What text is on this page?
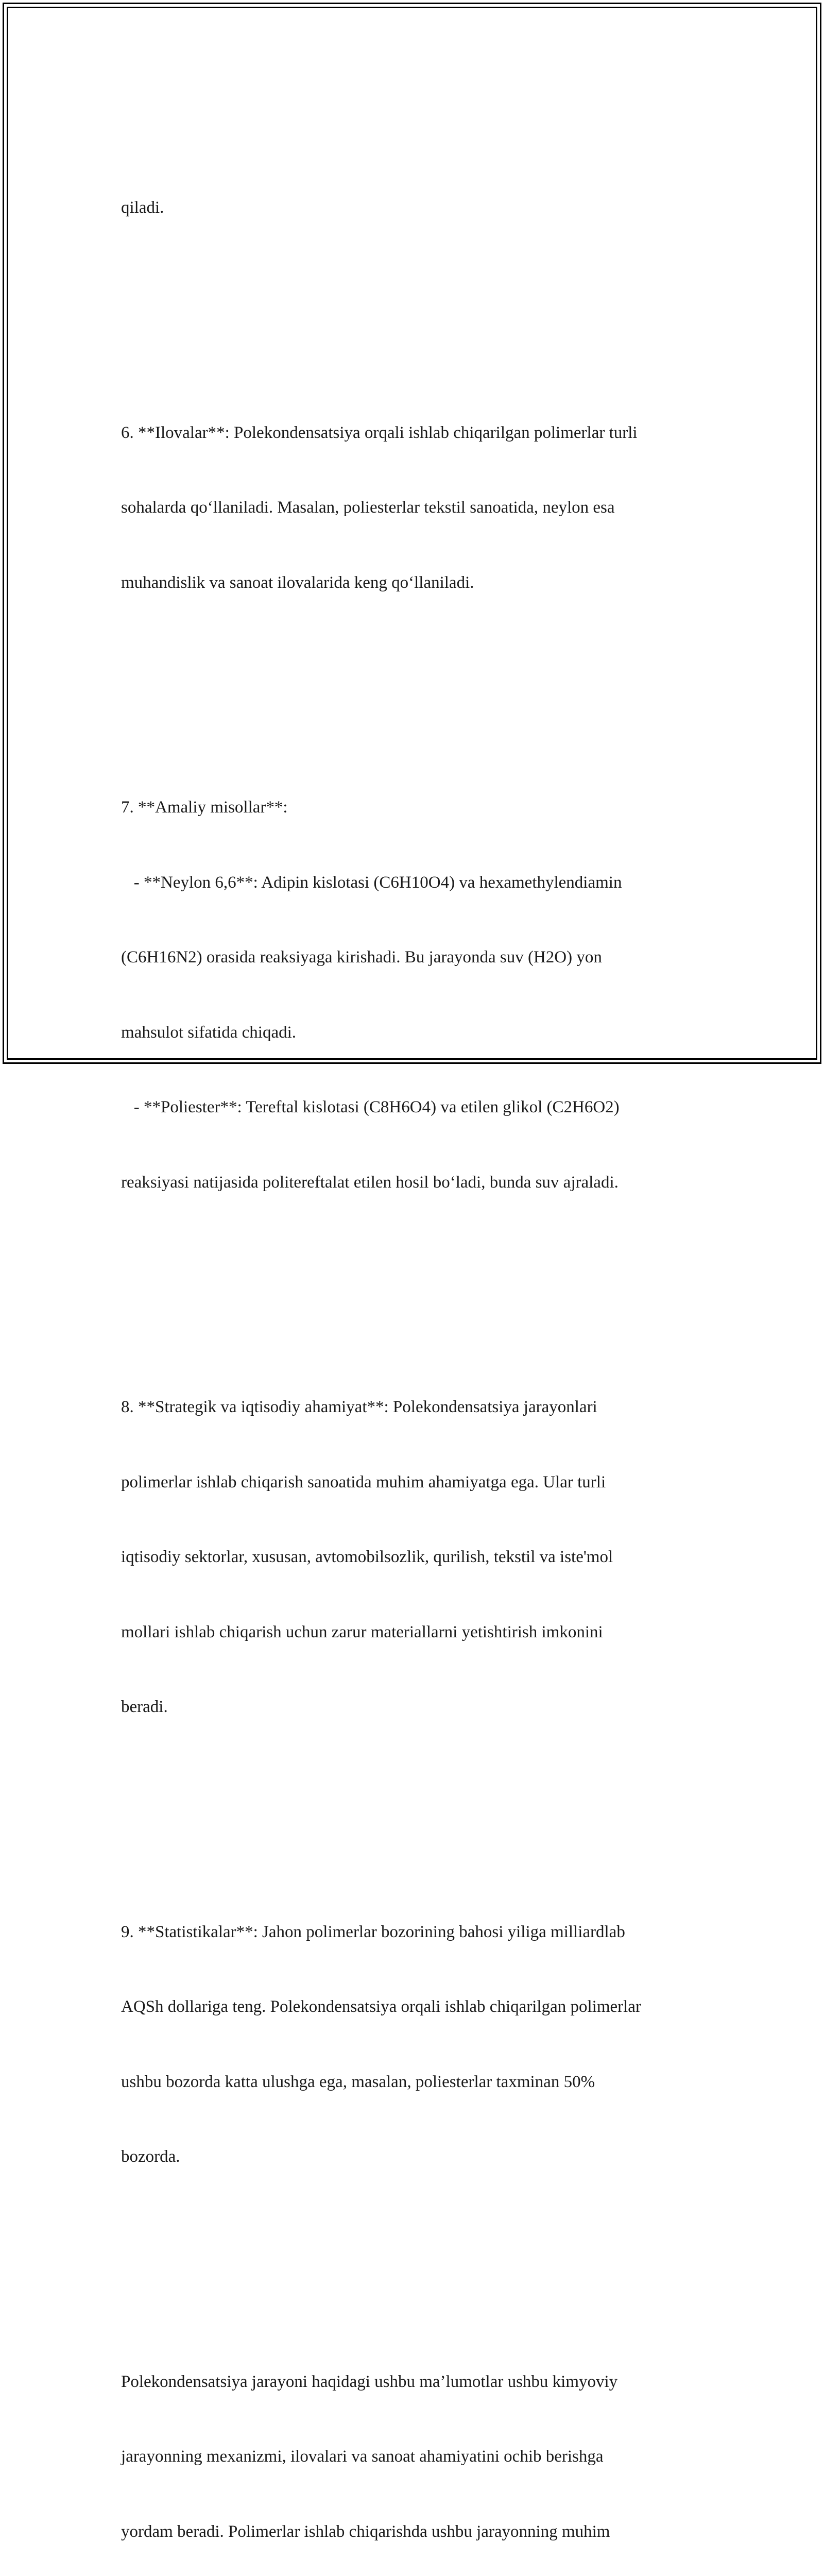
qiladi.

6. **Ilovalar**: Polekondensatsiya orqali ishlab chiqarilgan polimerlar turli

sohalarda qo‘llaniladi. Masalan, poliesterlar tekstil sanoatida, neylon esa

muhandislik va sanoat ilovalarida keng qo‘llaniladi.

7. **Amaliy misollar**:

- **Neylon 6,6**: Adipin kislotasi (C6H10O4) va hexamethylendiamin

(C6H16N2) orasida reaksiyaga kirishadi. Bu jarayonda suv (H2O) yon

mahsulot sifatida chiqadi.

- **Poliester**: Tereftal kislotasi (C8H6O4) va etilen glikol (C2H6O2)

reaksiyasi natijasida politereftalat etilen hosil bo‘ladi, bunda suv ajraladi.

8. **Strategik va iqtisodiy ahamiyat**: Polekondensatsiya jarayonlari

polimerlar ishlab chiqarish sanoatida muhim ahamiyatga ega. Ular turli

iqtisodiy sektorlar, xususan, avtomobilsozlik, qurilish, tekstil va iste'mol

mollari ishlab chiqarish uchun zarur materiallarni yetishtirish imkonini

beradi.

9. **Statistikalar**: Jahon polimerlar bozorining bahosi yiliga milliardlab

AQSh dollariga teng. Polekondensatsiya orqali ishlab chiqarilgan polimerlar

ushbu bozorda katta ulushga ega, masalan, poliesterlar taxminan 50%

bozorda.

Polekondensatsiya jarayoni haqidagi ushbu ma’lumotlar ushbu kimyoviy

jarayonning mexanizmi, ilovalari va sanoat ahamiyatini ochib berishga

yordam beradi. Polimerlar ishlab chiqarishda ushbu jarayonning muhim
